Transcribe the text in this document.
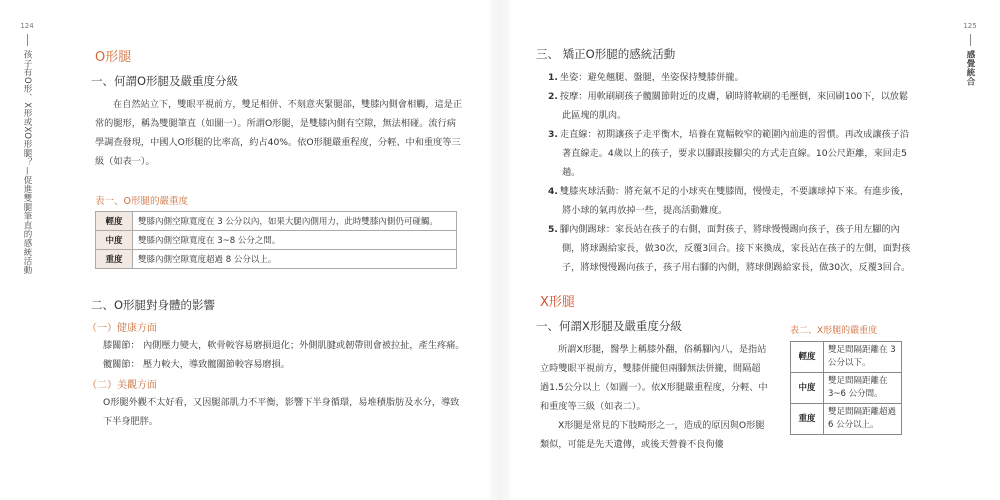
124
孩子有O形、X形或XO形腿？—促進雙腿筆直的感統活動	O形腿
一、何謂O形腿及嚴重度分級

在自然站立下，雙眼平視前方，雙足相併、不刻意夾緊腿部，雙膝內側會相觸，這是正常的腿形，稱為雙腿筆直（如圖一）。所謂O形腿，是雙膝內側有空隙，無法相碰。流行病學調查發現，中國人O形腿的比率高，約占40%。依O形腿嚴重程度，分輕、中和重度等三級（如表一）。

表一、O形腿的嚴重度
輕度	雙膝內側空隙寬度在 3 公分以內，如果大腿內側用力，此時雙膝內側仍可碰觸。
中度	雙膝內側空隙寬度在 3~8 公分之間。
重度	雙膝內側空隙寬度超過 8 公分以上。
二、O形腿對身體的影響
（一）健康方面

膝關節： 內側壓力變大，軟骨較容易磨損退化；外側肌腱或韌帶則會被拉扯，產生疼痛。

髖關節： 壓力較大，導致髖關節較容易磨損。

（二）美觀方面

O形腿外觀不太好看，又因腿部肌力不平衡，影響下半身循環，易堆積脂肪及水分，導致下半身肥胖。

125
感覺統合
三、 矯正O形腿的感統活動

1. 坐姿：避免翹腿、盤腿，坐姿保持雙膝併攏。

2. 按摩：用軟刷刷孩子髖關節附近的皮膚，刷時將軟刷的毛壓倒，來回刷100下，以放鬆此區塊的肌肉。

3. 走直線：初期讓孩子走平衡木，培養在寬幅較窄的範圍內前進的習慣。再改成讓孩子沿著直線走。4歲以上的孩子，要求以腳跟接腳尖的方式走直線。10公尺距離，來回走5趟。

4. 雙膝夾球活動：將充氣不足的小球夾在雙膝間，慢慢走，不要讓球掉下來。有進步後，將小球的氣再放掉一些，提高活動難度。

5. 腳內側踢球：家長站在孩子的右側，面對孩子，將球慢慢踢向孩子，孩子用左腳的內側，將球踢給家長，做30次，反覆3回合。接下來換成，家長站在孩子的左側，面對孩子，將球慢慢踢向孩子，孩子用右腳的內側，將球側踢給家長，做30次，反覆3回合。

X形腿
一、何謂X形腿及嚴重度分級

所謂X形腿，醫學上稱膝外翻，俗稱腳內八，是指站立時雙眼平視前方，雙膝併攏但兩腳無法併攏，間隔超過1.5公分以上（如圖一）。依X形腿嚴重程度，分輕、中和重度等三級（如表二）。

X形腿是常見的下肢畸形之一，造成的原因與O形腿類似，可能是先天遺傳，或後天營養不良佝僂

表二、X形腿的嚴重度
輕度	雙足間隔距離在 3 公分以下。
中度	雙足間隔距離在 3~6 公分間。
重度	雙足間隔距離超過 6 公分以上。
